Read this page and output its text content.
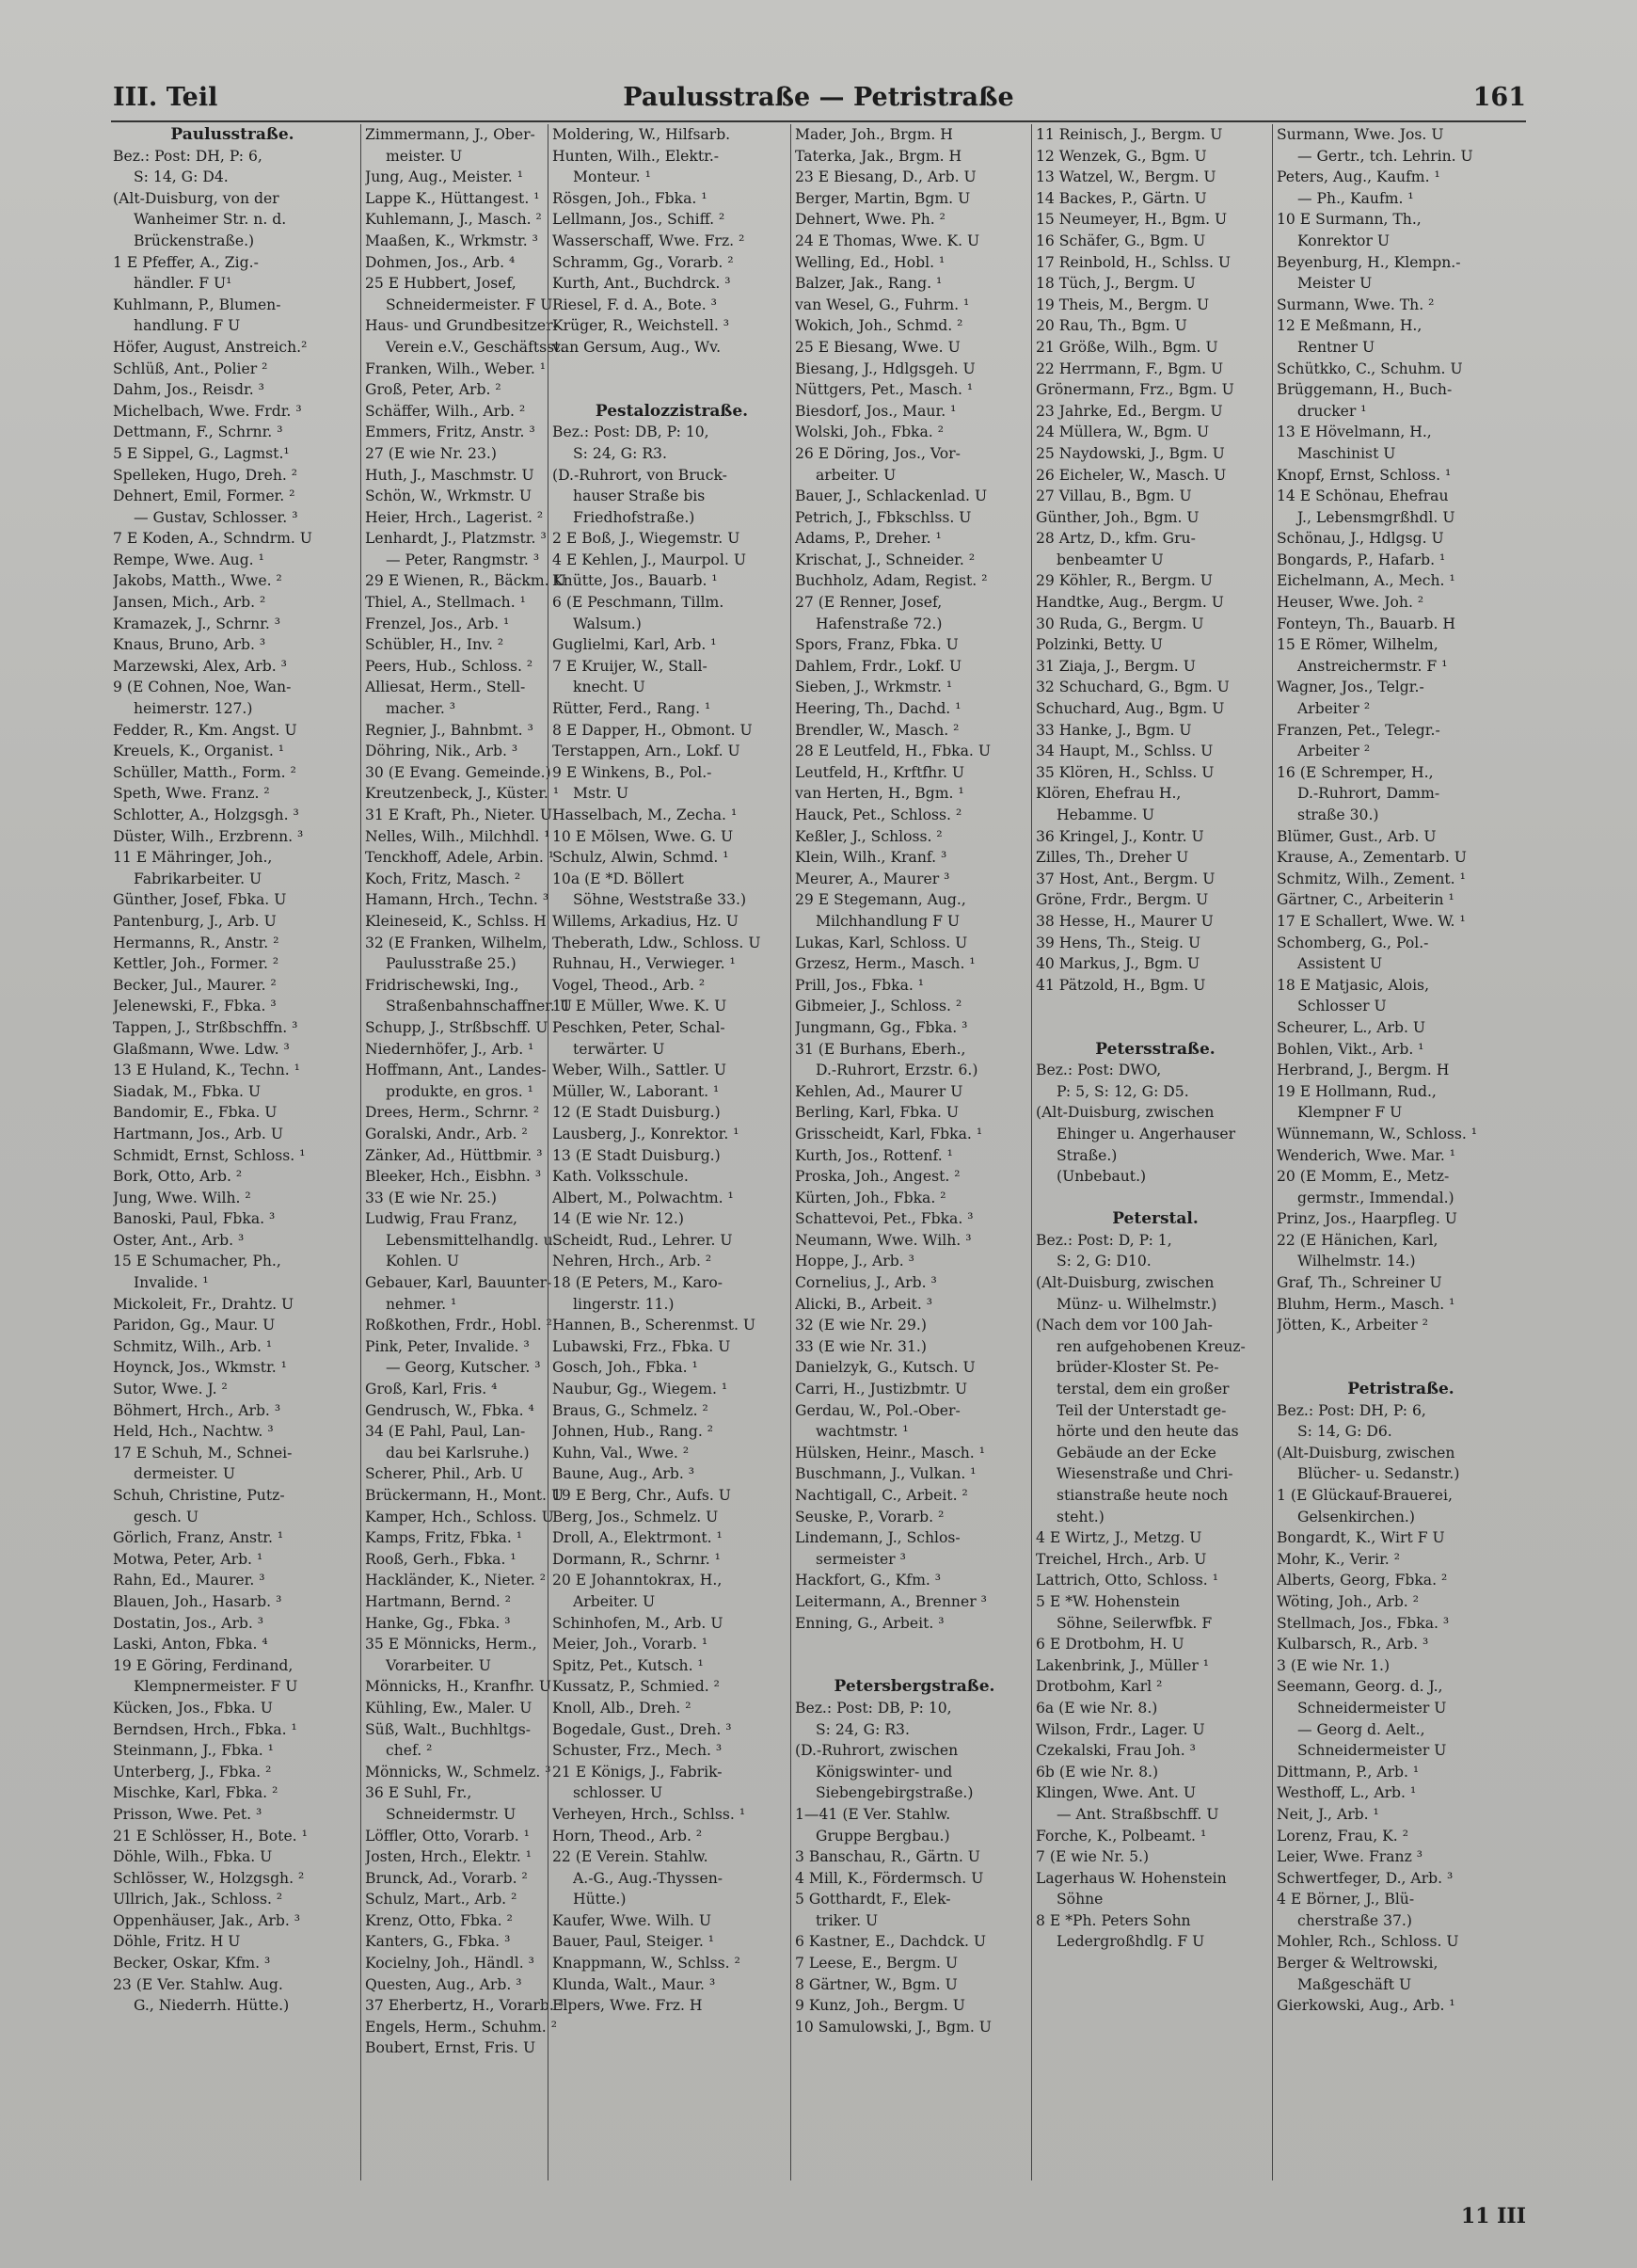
III. Teil	Paulusstraße — Petristraße	161
Paulusstraße.
Bez.: Post: DH, P: 6,
S: 14, G: D4.
(Alt-Duisburg, von der
Wanheimer Str. n. d.
Brückenstraße.)
1 E Pfeffer, A., Zig.-
händler. F U¹
Kuhlmann, P., Blumen-
handlung. F U
Höfer, August, Anstreich.²
Schlüß, Ant., Polier ²
Dahm, Jos., Reisdr. ³
Michelbach, Wwe. Frdr. ³
Dettmann, F., Schrnr. ³
5 E Sippel, G., Lagmst.¹
Spelleken, Hugo, Dreh. ²
Dehnert, Emil, Former. ²
— Gustav, Schlosser. ³
7 E Koden, A., Schndrm. U
Rempe, Wwe. Aug. ¹
Jakobs, Matth., Wwe. ²
Jansen, Mich., Arb. ²
Kramazek, J., Schrnr. ³
Knaus, Bruno, Arb. ³
Marzewski, Alex, Arb. ³
9 (E Cohnen, Noe, Wan-
heimerstr. 127.)
Fedder, R., Km. Angst. U
Kreuels, K., Organist. ¹
Schüller, Matth., Form. ²
Speth, Wwe. Franz. ²
Schlotter, A., Holzgsgh. ³
Düster, Wilh., Erzbrenn. ³
11 E Mähringer, Joh.,
Fabrikarbeiter. U
Günther, Josef, Fbka. U
Pantenburg, J., Arb. U
Hermanns, R., Anstr. ²
Kettler, Joh., Former. ²
Becker, Jul., Maurer. ²
Jelenewski, F., Fbka. ³
Tappen, J., Strßbschffn. ³
Glaßmann, Wwe. Ldw. ³
13 E Huland, K., Techn. ¹
Siadak, M., Fbka. U
Bandomir, E., Fbka. U
Hartmann, Jos., Arb. U
Schmidt, Ernst, Schloss. ¹
Bork, Otto, Arb. ²
Jung, Wwe. Wilh. ²
Banoski, Paul, Fbka. ³
Oster, Ant., Arb. ³
15 E Schumacher, Ph.,
Invalide. ¹
Mickoleit, Fr., Drahtz. U
Paridon, Gg., Maur. U
Schmitz, Wilh., Arb. ¹
Hoynck, Jos., Wkmstr. ¹
Sutor, Wwe. J. ²
Böhmert, Hrch., Arb. ³
Held, Hch., Nachtw. ³
17 E Schuh, M., Schnei-
dermeister. U
Schuh, Christine, Putz-
gesch. U
Görlich, Franz, Anstr. ¹
Motwa, Peter, Arb. ¹
Rahn, Ed., Maurer. ³
Blauen, Joh., Hasarb. ³
Dostatin, Jos., Arb. ³
Laski, Anton, Fbka. ⁴
19 E Göring, Ferdinand,
Klempnermeister. F U
Kücken, Jos., Fbka. U
Berndsen, Hrch., Fbka. ¹
Steinmann, J., Fbka. ¹
Unterberg, J., Fbka. ²
Mischke, Karl, Fbka. ²
Prisson, Wwe. Pet. ³
21 E Schlösser, H., Bote. ¹
Döhle, Wilh., Fbka. U
Schlösser, W., Holzgsgh. ²
Ullrich, Jak., Schloss. ²
Oppenhäuser, Jak., Arb. ³
Döhle, Fritz. H U
Becker, Oskar, Kfm. ³
23 (E Ver. Stahlw. Aug.
G., Niederrh. Hütte.)
Zimmermann, J., Ober-
meister. U
Jung, Aug., Meister. ¹
Lappe K., Hüttangest. ¹
Kuhlemann, J., Masch. ²
Maaßen, K., Wrkmstr. ³
Dohmen, Jos., Arb. ⁴
25 E Hubbert, Josef,
Schneidermeister. F U
Haus- und Grundbesitzer-
Verein e.V., Geschäftsst.
Franken, Wilh., Weber. ¹
Groß, Peter, Arb. ²
Schäffer, Wilh., Arb. ²
Emmers, Fritz, Anstr. ³
27 (E wie Nr. 23.)
Huth, J., Maschmstr. U
Schön, W., Wrkmstr. U
Heier, Hrch., Lagerist. ²
Lenhardt, J., Platzmstr. ³
— Peter, Rangmstr. ³
29 E Wienen, R., Bäckm. U
Thiel, A., Stellmach. ¹
Frenzel, Jos., Arb. ¹
Schübler, H., Inv. ²
Peers, Hub., Schloss. ²
Alliesat, Herm., Stell-
macher. ³
Regnier, J., Bahnbmt. ³
Döhring, Nik., Arb. ³
30 (E Evang. Gemeinde.)
Kreutzenbeck, J., Küster. ¹
31 E Kraft, Ph., Nieter. U
Nelles, Wilh., Milchhdl. ¹
Tenckhoff, Adele, Arbin. ¹
Koch, Fritz, Masch. ²
Hamann, Hrch., Techn. ³
Kleineseid, K., Schlss. H
32 (E Franken, Wilhelm,
Paulusstraße 25.)
Fridrischewski, Ing.,
Straßenbahnschaffner. U
Schupp, J., Strßbschff. U
Niedernhöfer, J., Arb. ¹
Hoffmann, Ant., Landes-
produkte, en gros. ¹
Drees, Herm., Schrnr. ²
Goralski, Andr., Arb. ²
Zänker, Ad., Hüttbmir. ³
Bleeker, Hch., Eisbhn. ³
33 (E wie Nr. 25.)
Ludwig, Frau Franz,
Lebensmittelhandlg. u.
Kohlen. U
Gebauer, Karl, Bauunter-
nehmer. ¹
Roßkothen, Frdr., Hobl. ²
Pink, Peter, Invalide. ³
— Georg, Kutscher. ³
Groß, Karl, Fris. ⁴
Gendrusch, W., Fbka. ⁴
34 (E Pahl, Paul, Lan-
dau bei Karlsruhe.)
Scherer, Phil., Arb. U
Brückermann, H., Mont. U
Kamper, Hch., Schloss. U
Kamps, Fritz, Fbka. ¹
Rooß, Gerh., Fbka. ¹
Hackländer, K., Nieter. ²
Hartmann, Bernd. ²
Hanke, Gg., Fbka. ³
35 E Mönnicks, Herm.,
Vorarbeiter. U
Mönnicks, H., Kranfhr. U
Kühling, Ew., Maler. U
Süß, Walt., Buchhltgs-
chef. ²
Mönnicks, W., Schmelz. ³
36 E Suhl, Fr.,
Schneidermstr. U
Löffler, Otto, Vorarb. ¹
Josten, Hrch., Elektr. ¹
Brunck, Ad., Vorarb. ²
Schulz, Mart., Arb. ²
Krenz, Otto, Fbka. ²
Kanters, G., Fbka. ³
Kocielny, Joh., Händl. ³
Questen, Aug., Arb. ³
37 Eherbertz, H., Vorarb. ¹
Engels, Herm., Schuhm. ²
Boubert, Ernst, Fris. U
Moldering, W., Hilfsarb.
Hunten, Wilh., Elektr.-
Monteur. ¹
Rösgen, Joh., Fbka. ¹
Lellmann, Jos., Schiff. ²
Wasserschaff, Wwe. Frz. ²
Schramm, Gg., Vorarb. ²
Kurth, Ant., Buchdrck. ³
Riesel, F. d. A., Bote. ³
Krüger, R., Weichstell. ³
van Gersum, Aug., Wv.
Pestalozzistraße.
Bez.: Post: DB, P: 10,
S: 24, G: R3.
(D.-Ruhrort, von Bruck-
hauser Straße bis
Friedhofstraße.)
2 E Boß, J., Wiegemstr. U
4 E Kehlen, J., Maurpol. U
Knütte, Jos., Bauarb. ¹
6 (E Peschmann, Tillm.
Walsum.)
Guglielmi, Karl, Arb. ¹
7 E Kruijer, W., Stall-
knecht. U
Rütter, Ferd., Rang. ¹
8 E Dapper, H., Obmont. U
Terstappen, Arn., Lokf. U
9 E Winkens, B., Pol.-
Mstr. U
Hasselbach, M., Zecha. ¹
10 E Mölsen, Wwe. G. U
Schulz, Alwin, Schmd. ¹
10a (E *D. Böllert
Söhne, Weststraße 33.)
Willems, Arkadius, Hz. U
Theberath, Ldw., Schloss. U
Ruhnau, H., Verwieger. ¹
Vogel, Theod., Arb. ²
11 E Müller, Wwe. K. U
Peschken, Peter, Schal-
terwärter. U
Weber, Wilh., Sattler. U
Müller, W., Laborant. ¹
12 (E Stadt Duisburg.)
Lausberg, J., Konrektor. ¹
13 (E Stadt Duisburg.)
Kath. Volksschule.
Albert, M., Polwachtm. ¹
14 (E wie Nr. 12.)
Scheidt, Rud., Lehrer. U
Nehren, Hrch., Arb. ²
18 (E Peters, M., Karo-
lingerstr. 11.)
Hannen, B., Scherenmst. U
Lubawski, Frz., Fbka. U
Gosch, Joh., Fbka. ¹
Naubur, Gg., Wiegem. ¹
Braus, G., Schmelz. ²
Johnen, Hub., Rang. ²
Kuhn, Val., Wwe. ²
Baune, Aug., Arb. ³
19 E Berg, Chr., Aufs. U
Berg, Jos., Schmelz. U
Droll, A., Elektrmont. ¹
Dormann, R., Schrnr. ¹
20 E Johanntokrax, H.,
Arbeiter. U
Schinhofen, M., Arb. U
Meier, Joh., Vorarb. ¹
Spitz, Pet., Kutsch. ¹
Kussatz, P., Schmied. ²
Knoll, Alb., Dreh. ²
Bogedale, Gust., Dreh. ³
Schuster, Frz., Mech. ³
21 E Königs, J., Fabrik-
schlosser. U
Verheyen, Hrch., Schlss. ¹
Horn, Theod., Arb. ²
22 (E Verein. Stahlw.
A.-G., Aug.-Thyssen-
Hütte.)
Kaufer, Wwe. Wilh. U
Bauer, Paul, Steiger. ¹
Knappmann, W., Schlss. ²
Klunda, Walt., Maur. ³
Elpers, Wwe. Frz. H
Mader, Joh., Brgm. H
Taterka, Jak., Brgm. H
23 E Biesang, D., Arb. U
Berger, Martin, Bgm. U
Dehnert, Wwe. Ph. ²
24 E Thomas, Wwe. K. U
Welling, Ed., Hobl. ¹
Balzer, Jak., Rang. ¹
van Wesel, G., Fuhrm. ¹
Wokich, Joh., Schmd. ²
25 E Biesang, Wwe. U
Biesang, J., Hdlgsgeh. U
Nüttgers, Pet., Masch. ¹
Biesdorf, Jos., Maur. ¹
Wolski, Joh., Fbka. ²
26 E Döring, Jos., Vor-
arbeiter. U
Bauer, J., Schlackenlad. U
Petrich, J., Fbkschlss. U
Adams, P., Dreher. ¹
Krischat, J., Schneider. ²
Buchholz, Adam, Regist. ²
27 (E Renner, Josef,
Hafenstraße 72.)
Spors, Franz, Fbka. U
Dahlem, Frdr., Lokf. U
Sieben, J., Wrkmstr. ¹
Heering, Th., Dachd. ¹
Brendler, W., Masch. ²
28 E Leutfeld, H., Fbka. U
Leutfeld, H., Krftfhr. U
van Herten, H., Bgm. ¹
Hauck, Pet., Schloss. ²
Keßler, J., Schloss. ²
Klein, Wilh., Kranf. ³
Meurer, A., Maurer ³
29 E Stegemann, Aug.,
Milchhandlung F U
Lukas, Karl, Schloss. U
Grzesz, Herm., Masch. ¹
Prill, Jos., Fbka. ¹
Gibmeier, J., Schloss. ²
Jungmann, Gg., Fbka. ³
31 (E Burhans, Eberh.,
D.-Ruhrort, Erzstr. 6.)
Kehlen, Ad., Maurer U
Berling, Karl, Fbka. U
Grisscheidt, Karl, Fbka. ¹
Kurth, Jos., Rottenf. ¹
Proska, Joh., Angest. ²
Kürten, Joh., Fbka. ²
Schattevoi, Pet., Fbka. ³
Neumann, Wwe. Wilh. ³
Hoppe, J., Arb. ³
Cornelius, J., Arb. ³
Alicki, B., Arbeit. ³
32 (E wie Nr. 29.)
33 (E wie Nr. 31.)
Danielzyk, G., Kutsch. U
Carri, H., Justizbmtr. U
Gerdau, W., Pol.-Ober-
wachtmstr. ¹
Hülsken, Heinr., Masch. ¹
Buschmann, J., Vulkan. ¹
Nachtigall, C., Arbeit. ²
Seuske, P., Vorarb. ²
Lindemann, J., Schlos-
sermeister ³
Hackfort, G., Kfm. ³
Leitermann, A., Brenner ³
Enning, G., Arbeit. ³
Petersbergstraße.
Bez.: Post: DB, P: 10,
S: 24, G: R3.
(D.-Ruhrort, zwischen
Königswinter- und
Siebengebirgstraße.)
1—41 (E Ver. Stahlw.
Gruppe Bergbau.)
3 Banschau, R., Gärtn. U
4 Mill, K., Fördermsch. U
5 Gotthardt, F., Elek-
triker. U
6 Kastner, E., Dachdck. U
7 Leese, E., Bergm. U
8 Gärtner, W., Bgm. U
9 Kunz, Joh., Bergm. U
10 Samulowski, J., Bgm. U
11 Reinisch, J., Bergm. U
12 Wenzek, G., Bgm. U
13 Watzel, W., Bergm. U
14 Backes, P., Gärtn. U
15 Neumeyer, H., Bgm. U
16 Schäfer, G., Bgm. U
17 Reinbold, H., Schlss. U
18 Tüch, J., Bergm. U
19 Theis, M., Bergm. U
20 Rau, Th., Bgm. U
21 Größe, Wilh., Bgm. U
22 Herrmann, F., Bgm. U
Grönermann, Frz., Bgm. U
23 Jahrke, Ed., Bergm. U
24 Müllera, W., Bgm. U
25 Naydowski, J., Bgm. U
26 Eicheler, W., Masch. U
27 Villau, B., Bgm. U
Günther, Joh., Bgm. U
28 Artz, D., kfm. Gru-
benbeamter U
29 Köhler, R., Bergm. U
Handtke, Aug., Bergm. U
30 Ruda, G., Bergm. U
Polzinki, Betty. U
31 Ziaja, J., Bergm. U
32 Schuchard, G., Bgm. U
Schuchard, Aug., Bgm. U
33 Hanke, J., Bgm. U
34 Haupt, M., Schlss. U
35 Klören, H., Schlss. U
Klören, Ehefrau H.,
Hebamme. U
36 Kringel, J., Kontr. U
Zilles, Th., Dreher U
37 Host, Ant., Bergm. U
Gröne, Frdr., Bergm. U
38 Hesse, H., Maurer U
39 Hens, Th., Steig. U
40 Markus, J., Bgm. U
41 Pätzold, H., Bgm. U
Petersstraße.
Bez.: Post: DWO,
P: 5, S: 12, G: D5.
(Alt-Duisburg, zwischen
Ehinger u. Angerhauser
Straße.)
(Unbebaut.)
Peterstal.
Bez.: Post: D, P: 1,
S: 2, G: D10.
(Alt-Duisburg, zwischen
Münz- u. Wilhelmstr.)
(Nach dem vor 100 Jah-
ren aufgehobenen Kreuz-
brüder-Kloster St. Pe-
terstal, dem ein großer
Teil der Unterstadt ge-
hörte und den heute das
Gebäude an der Ecke
Wiesenstraße und Chri-
stianstraße heute noch
steht.)
4 E Wirtz, J., Metzg. U
Treichel, Hrch., Arb. U
Lattrich, Otto, Schloss. ¹
5 E *W. Hohenstein
Söhne, Seilerwfbk. F
6 E Drotbohm, H. U
Lakenbrink, J., Müller ¹
Drotbohm, Karl ²
6a (E wie Nr. 8.)
Wilson, Frdr., Lager. U
Czekalski, Frau Joh. ³
6b (E wie Nr. 8.)
Klingen, Wwe. Ant. U
— Ant. Straßbschff. U
Forche, K., Polbeamt. ¹
7 (E wie Nr. 5.)
Lagerhaus W. Hohenstein
Söhne
8 E *Ph. Peters Sohn
Ledergroßhdlg. F U
Surmann, Wwe. Jos. U
— Gertr., tch. Lehrin. U
Peters, Aug., Kaufm. ¹
— Ph., Kaufm. ¹
10 E Surmann, Th.,
Konrektor U
Beyenburg, H., Klempn.-
Meister U
Surmann, Wwe. Th. ²
12 E Meßmann, H.,
Rentner U
Schütkko, C., Schuhm. U
Brüggemann, H., Buch-
drucker ¹
13 E Hövelmann, H.,
Maschinist U
Knopf, Ernst, Schloss. ¹
14 E Schönau, Ehefrau
J., Lebensmgrßhdl. U
Schönau, J., Hdlgsg. U
Bongards, P., Hafarb. ¹
Eichelmann, A., Mech. ¹
Heuser, Wwe. Joh. ²
Fonteyn, Th., Bauarb. H
15 E Römer, Wilhelm,
Anstreichermstr. F ¹
Wagner, Jos., Telgr.-
Arbeiter ²
Franzen, Pet., Telegr.-
Arbeiter ²
16 (E Schremper, H.,
D.-Ruhrort, Damm-
straße 30.)
Blümer, Gust., Arb. U
Krause, A., Zementarb. U
Schmitz, Wilh., Zement. ¹
Gärtner, C., Arbeiterin ¹
17 E Schallert, Wwe. W. ¹
Schomberg, G., Pol.-
Assistent U
18 E Matjasic, Alois,
Schlosser U
Scheurer, L., Arb. U
Bohlen, Vikt., Arb. ¹
Herbrand, J., Bergm. H
19 E Hollmann, Rud.,
Klempner F U
Wünnemann, W., Schloss. ¹
Wenderich, Wwe. Mar. ¹
20 (E Momm, E., Metz-
germstr., Immendal.)
Prinz, Jos., Haarpfleg. U
22 (E Hänichen, Karl,
Wilhelmstr. 14.)
Graf, Th., Schreiner U
Bluhm, Herm., Masch. ¹
Jötten, K., Arbeiter ²
Petristraße.
Bez.: Post: DH, P: 6,
S: 14, G: D6.
(Alt-Duisburg, zwischen
Blücher- u. Sedanstr.)
1 (E Glückauf-Brauerei,
Gelsenkirchen.)
Bongardt, K., Wirt F U
Mohr, K., Verir. ²
Alberts, Georg, Fbka. ²
Wöting, Joh., Arb. ²
Stellmach, Jos., Fbka. ³
Kulbarsch, R., Arb. ³
3 (E wie Nr. 1.)
Seemann, Georg. d. J.,
Schneidermeister U
— Georg d. Aelt.,
Schneidermeister U
Dittmann, P., Arb. ¹
Westhoff, L., Arb. ¹
Neit, J., Arb. ¹
Lorenz, Frau, K. ²
Leier, Wwe. Franz ³
Schwertfeger, D., Arb. ³
4 E Börner, J., Blü-
cherstraße 37.)
Mohler, Rch., Schloss. U
Berger & Weltrowski,
Maßgeschäft U
Gierkowski, Aug., Arb. ¹
11 III
